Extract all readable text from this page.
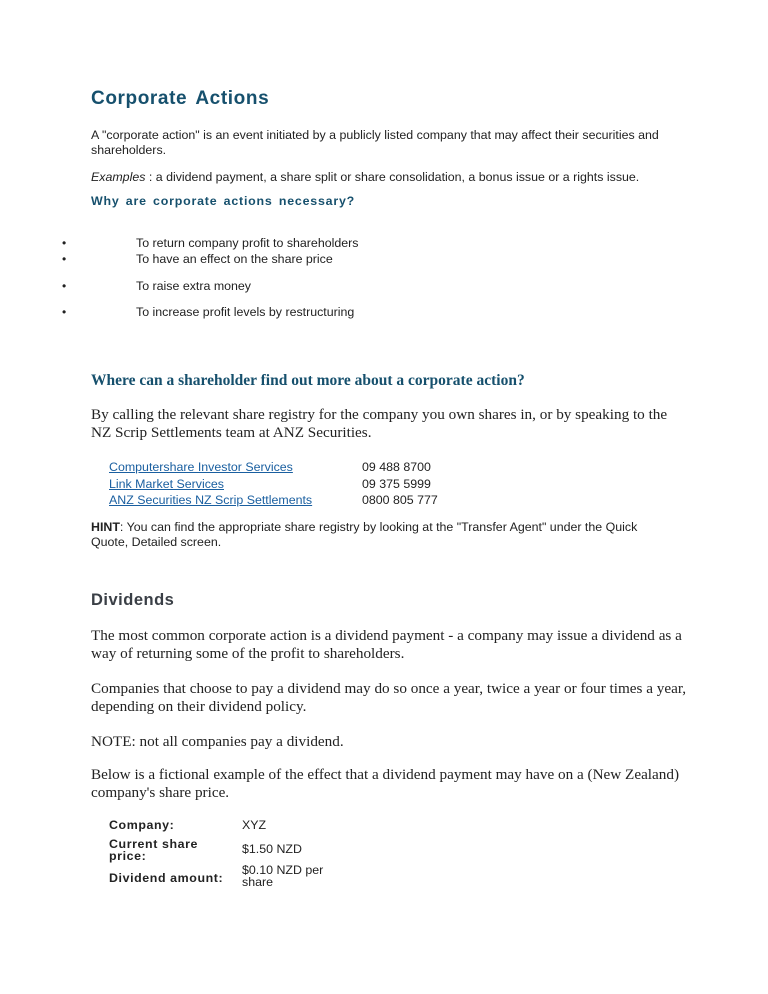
Corporate Actions
A "corporate action" is an event initiated by a publicly listed company that may affect their securities and shareholders.
Examples : a dividend payment, a share split or share consolidation, a bonus issue or a rights issue.
Why are corporate actions necessary?
•	To return company profit to shareholders
•	To have an effect on the share price
•	To raise extra money
•	To increase profit levels by restructuring
Where can a shareholder find out more about a corporate action?
By calling the relevant share registry for the company you own shares in, or by speaking to the NZ Scrip Settlements team at ANZ Securities.
Computershare Investor Services	09 488 8700
Link Market Services	09 375 5999
ANZ Securities NZ Scrip Settlements	0800 805 777
HINT: You can find the appropriate share registry by looking at the "Transfer Agent" under the Quick Quote, Detailed screen.
Dividends
The most common corporate action is a dividend payment - a company may issue a dividend as a way of returning some of the profit to shareholders.
Companies that choose to pay a dividend may do so once a year, twice a year or four times a year, depending on their dividend policy.
NOTE: not all companies pay a dividend.
Below is a fictional example of the effect that a dividend payment may have on a (New Zealand) company's share price.
Company:	XYZ
Current share price:	$1.50 NZD
Dividend amount:
$0.10 NZD per share
